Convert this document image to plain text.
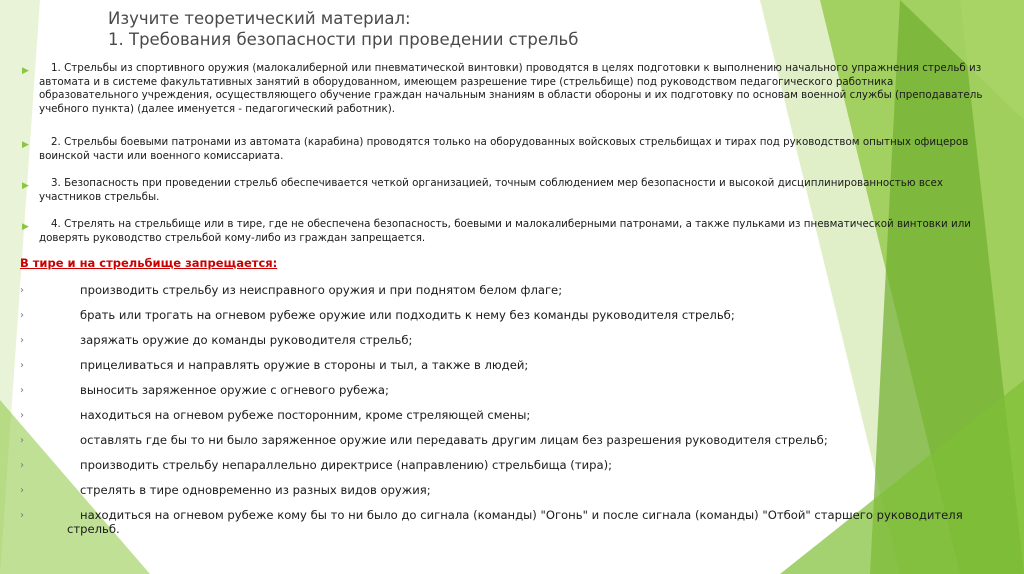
Изучите теоретический материал:
1. Требования безопасности при проведении стрельб
▶	1. Стрельбы из спортивного оружия (малокалиберной или пневматической винтовки) проводятся в целях подготовки к выполнению начального упражнения стрельб из автомата и в системе факультативных занятий в оборудованном, имеющем разрешение тире (стрельбище) под руководством педагогического работника образовательного учреждения, осуществляющего обучение граждан начальным знаниям в области обороны и их подготовку по основам военной службы (преподаватель учебного пункта) (далее именуется - педагогический работник).
▶	2. Стрельбы боевыми патронами из автомата (карабина) проводятся только на оборудованных войсковых стрельбищах и тирах под руководством опытных офицеров воинской части или военного комиссариата.
▶	3. Безопасность при проведении стрельб обеспечивается четкой организацией, точным соблюдением мер безопасности и высокой дисциплинированностью всех участников стрельбы.
▶	4. Стрелять на стрельбище или в тире, где не обеспечена безопасность, боевыми и малокалиберными патронами, а также пульками из пневматической винтовки или доверять руководство стрельбой кому-либо из граждан запрещается.
В тире и на стрельбище запрещается:
›	производить стрельбу из неисправного оружия и при поднятом белом флаге;
›	брать или трогать на огневом рубеже оружие или подходить к нему без команды руководителя стрельб;
›	заряжать оружие до команды руководителя стрельб;
›	прицеливаться и направлять оружие в стороны и тыл, а также в людей;
›	выносить заряженное оружие с огневого рубежа;
›	находиться на огневом рубеже посторонним, кроме стреляющей смены;
›	оставлять где бы то ни было заряженное оружие или передавать другим лицам без разрешения руководителя стрельб;
›	производить стрельбу непараллельно директрисе (направлению) стрельбища (тира);
›	стрелять в тире одновременно из разных видов оружия;
›	находиться на огневом рубеже кому бы то ни было до сигнала (команды) "Огонь" и после сигнала (команды) "Отбой" старшего руководителя стрельб.
